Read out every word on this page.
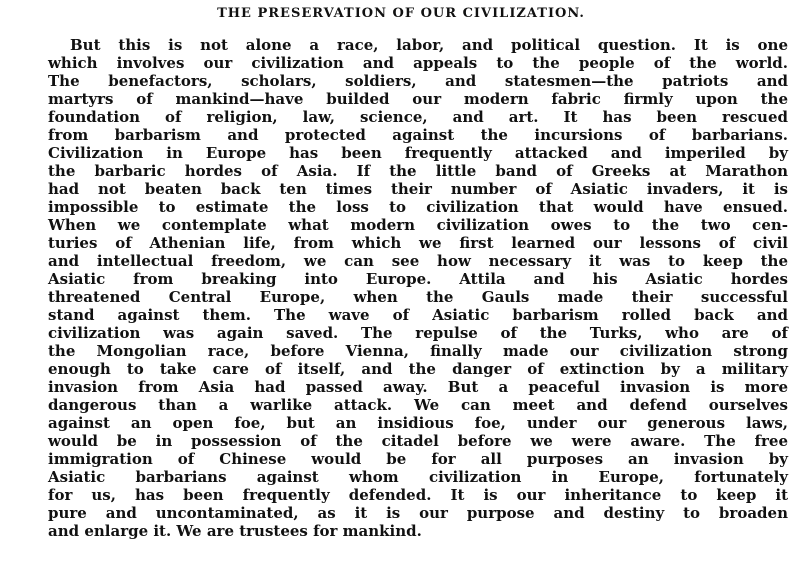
THE PRESERVATION OF OUR CIVILIZATION.
But this is not alone a race, labor, and political question. It is one
which involves our civilization and appeals to the people of the world.
The benefactors, scholars, soldiers, and statesmen—the patriots and
martyrs of mankind—have builded our modern fabric firmly upon the
foundation of religion, law, science, and art. It has been rescued
from barbarism and protected against the incursions of barbarians.
Civilization in Europe has been frequently attacked and imperiled by
the barbaric hordes of Asia. If the little band of Greeks at Marathon
had not beaten back ten times their number of Asiatic invaders, it is
impossible to estimate the loss to civilization that would have ensued.
When we contemplate what modern civilization owes to the two cen-
turies of Athenian life, from which we first learned our lessons of civil
and intellectual freedom, we can see how necessary it was to keep the
Asiatic from breaking into Europe. Attila and his Asiatic hordes
threatened Central Europe, when the Gauls made their successful
stand against them. The wave of Asiatic barbarism rolled back and
civilization was again saved. The repulse of the Turks, who are of
the Mongolian race, before Vienna, finally made our civilization strong
enough to take care of itself, and the danger of extinction by a military
invasion from Asia had passed away. But a peaceful invasion is more
dangerous than a warlike attack. We can meet and defend ourselves
against an open foe, but an insidious foe, under our generous laws,
would be in possession of the citadel before we were aware. The free
immigration of Chinese would be for all purposes an invasion by
Asiatic barbarians against whom civilization in Europe, fortunately
for us, has been frequently defended. It is our inheritance to keep it
pure and uncontaminated, as it is our purpose and destiny to broaden
and enlarge it. We are trustees for mankind.
